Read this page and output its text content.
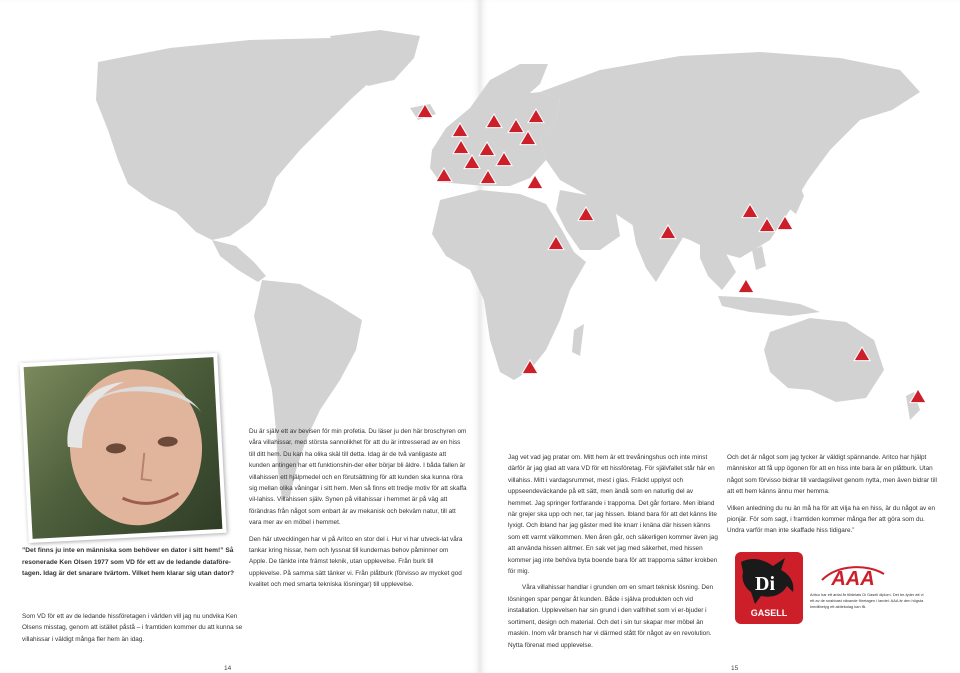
”Det finns ju inte en människa som behöver en dator i sitt hem!” Så resonerade Ken Olsen 1977 som VD för ett av de ledande dataföre-tagen. Idag är det snarare tvärtom. Vilket hem klarar sig utan dator?
Som VD för ett av de ledande hissföretagen i världen vill jag nu undvika Ken Olsens misstag, genom att istället påstå – i framtiden kommer du att kunna se villahissar i väldigt många fler hem än idag.

Du är själv ett av bevisen för min profetia. Du läser ju den här broschyren om våra villahissar, med största sannolikhet för att du är intresserad av en hiss till ditt hem. Du kan ha olika skäl till detta. Idag är de två vanligaste att kunden antingen har ett funktionshin-der eller börjar bli äldre. I båda fallen är villahissen ett hjälpmedel och en förutsättning för att kunden ska kunna röra sig mellan olika våningar i sitt hem. Men så finns ett tredje motiv för att skaffa vil-lahiss. Villahissen själv. Synen på villahissar i hemmet är på väg att förändras från något som enbart är av mekanisk och bekväm natur, till att vara mer av en möbel i hemmet.

Den här utvecklingen har vi på Aritco en stor del i. Hur vi har utveck-lat våra tankar kring hissar, hem och lyssnat till kundernas behov påminner om Apple. De tänkte inte främst teknik, utan upplevelse. Från burk till upplevelse. På samma sätt tänker vi. Från plåtburk (förvisso av mycket god kvalitet och med smarta tekniska lösningar) till upplevelse.

Jag vet vad jag pratar om. Mitt hem är ett trevåningshus och inte minst därför är jag glad att vara VD för ett hissföretag. För självfallet står här en villahiss. Mitt i vardagsrummet, mest i glas. Fräckt upplyst och uppseendeväckande på ett sätt, men ändå som en naturlig del av hemmet. Jag springer fortfarande i trapporna. Det går fortare. Men ibland när grejer ska upp och ner, tar jag hissen. Ibland bara för att det känns lite lyxigt. Och ibland har jag gäster med lite knarr i knäna där hissen känns som ett varmt välkommen. Men åren går, och säkerligen kommer även jag att använda hissen alltmer. En sak vet jag med säkerhet, med hissen kommer jag inte behöva byta boende bara för att trapporna sätter krokben för mig.

Våra villahissar handlar i grunden om en smart teknisk lösning. Den lösningen spar pengar åt kunden. Både i själva produkten och vid installation. Upplevelsen har sin grund i den valfrihet som vi er-bjuder i sortiment, design och material. Och det i sin tur skapar mer möbel än maskin. Inom vår bransch har vi därmed stått för något av en revolution. Nytta förenat med upplevelse.

Och det är något som jag tycker är väldigt spännande. Aritco har hjälpt människor att få upp ögonen för att en hiss inte bara är en plåtburk. Utan något som förvisso bidrar till vardagslivet genom nytta, men även bidrar till att ett hem känns ännu mer hemma.

Vilken anledning du nu än må ha för att vilja ha en hiss, är du något av en pionjär. För som sagt, i framtiden kommer många fler att göra som du. Undra varför man inte skaffade hiss tidigare.”

Di
GASELL
AAA
Aritco har ett antal år tilldelats Di Gasell diplom. Det be-tyder att vi ett av de snabbast växande företagen i landet. AAA är den högsta kreditbetyg ett aktiebolag kan få.
14	15
